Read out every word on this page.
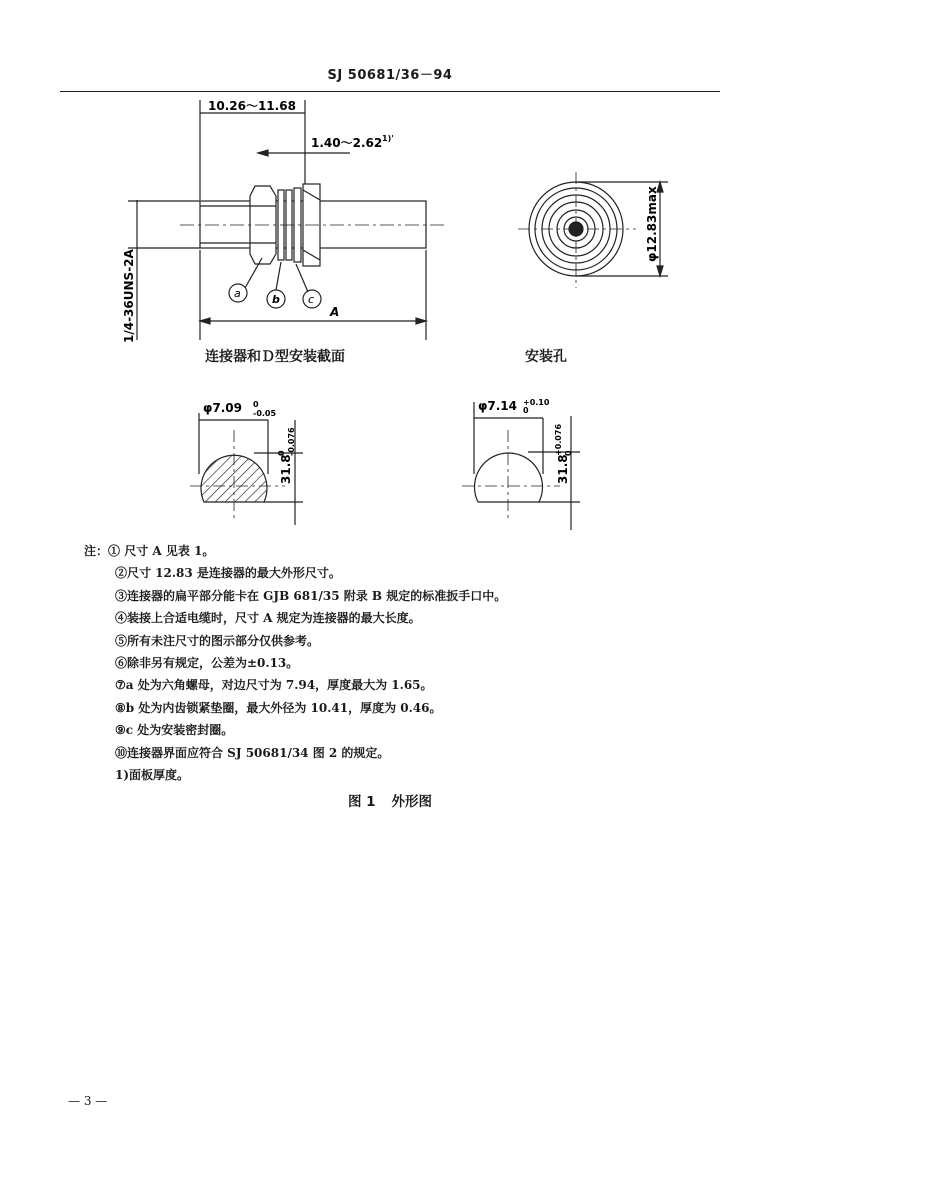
SJ 50681/36－94
10.26～11.68
1.40～2.62 1)'
1/4-36UNS-2A	a	b	c
A
φ12.83max
连接器和Ｄ型安装截面	安装孔
φ7.09 0
-0.05
31.8
0 -0.076
φ7.14 +0.10
0
31.8
+0.076 0
注：① 尺寸 A 见表 1。
②尺寸 12.83 是连接器的最大外形尺寸。
③连接器的扁平部分能卡在 GJB 681/35 附录 B 规定的标准扳手口中。
④装接上合适电缆时，尺寸 A 规定为连接器的最大长度。
⑤所有未注尺寸的图示部分仅供参考。
⑥除非另有规定，公差为±0.13。
⑦a 处为六角螺母，对边尺寸为 7.94，厚度最大为 1.65。
⑧b 处为内齿锁紧垫圈，最大外径为 10.41，厚度为 0.46。
⑨c 处为安装密封圈。
⑩连接器界面应符合 SJ 50681/34 图 2 的规定。
1)面板厚度。
图 1 外形图
— 3 —
